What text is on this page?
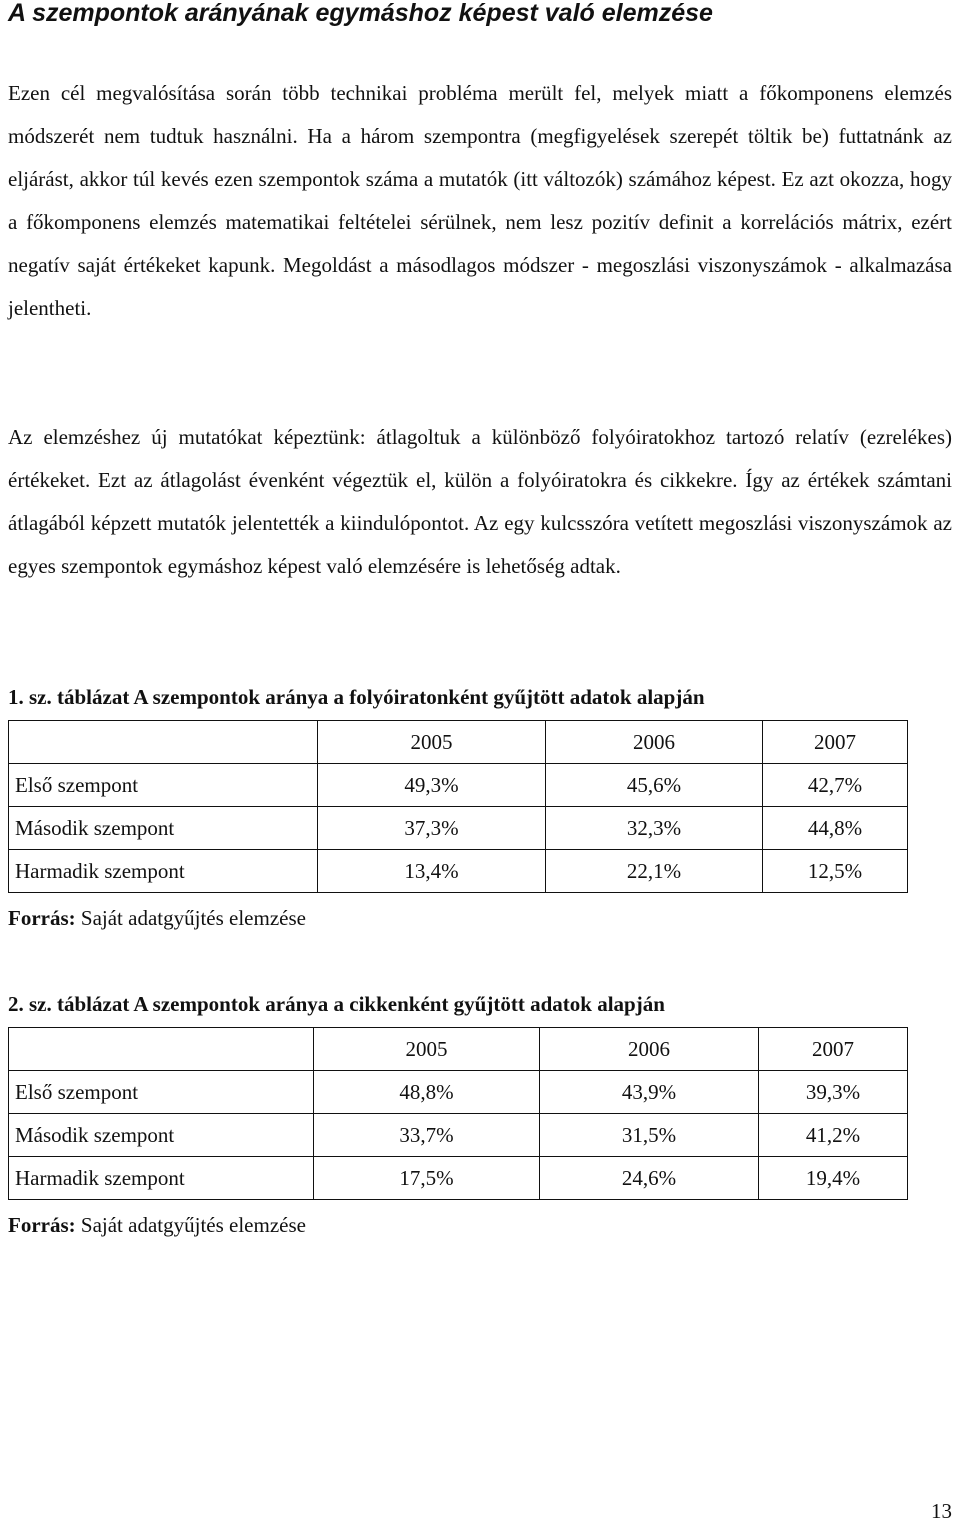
A szempontok arányának egymáshoz képest való elemzése

Ezen cél megvalósítása során több technikai probléma merült fel, melyek miatt a főkomponens elemzés módszerét nem tudtuk használni. Ha a három szempontra (megfigyelések szerepét töltik be) futtatnánk az eljárást, akkor túl kevés ezen szempontok száma a mutatók (itt változók) számához képest. Ez azt okozza, hogy a főkomponens elemzés matematikai feltételei sérülnek, nem lesz pozitív definit a korrelációs mátrix, ezért negatív saját értékeket kapunk. Megoldást a másodlagos módszer - megoszlási viszonyszámok - alkalmazása jelentheti.

Az elemzéshez új mutatókat képeztünk: átlagoltuk a különböző folyóiratokhoz tartozó relatív (ezrelékes) értékeket. Ezt az átlagolást évenként végeztük el, külön a folyóiratokra és cikkekre. Így az értékek számtani átlagából képzett mutatók jelentették a kiindulópontot. Az egy kulcsszóra vetített megoszlási viszonyszámok az egyes szempontok egymáshoz képest való elemzésére is lehetőség adtak.

1. sz. táblázat A szempontok aránya a folyóiratonként gyűjtött adatok alapján

	2005	2006	2007
Első szempont	49,3%	45,6%	42,7%
Második szempont	37,3%	32,3%	44,8%
Harmadik szempont	13,4%	22,1%	12,5%

Forrás: Saját adatgyűjtés elemzése

2. sz. táblázat A szempontok aránya a cikkenként gyűjtött adatok alapján

	2005	2006	2007
Első szempont	48,8%	43,9%	39,3%
Második szempont	33,7%	31,5%	41,2%
Harmadik szempont	17,5%	24,6%	19,4%

Forrás: Saját adatgyűjtés elemzése

13
